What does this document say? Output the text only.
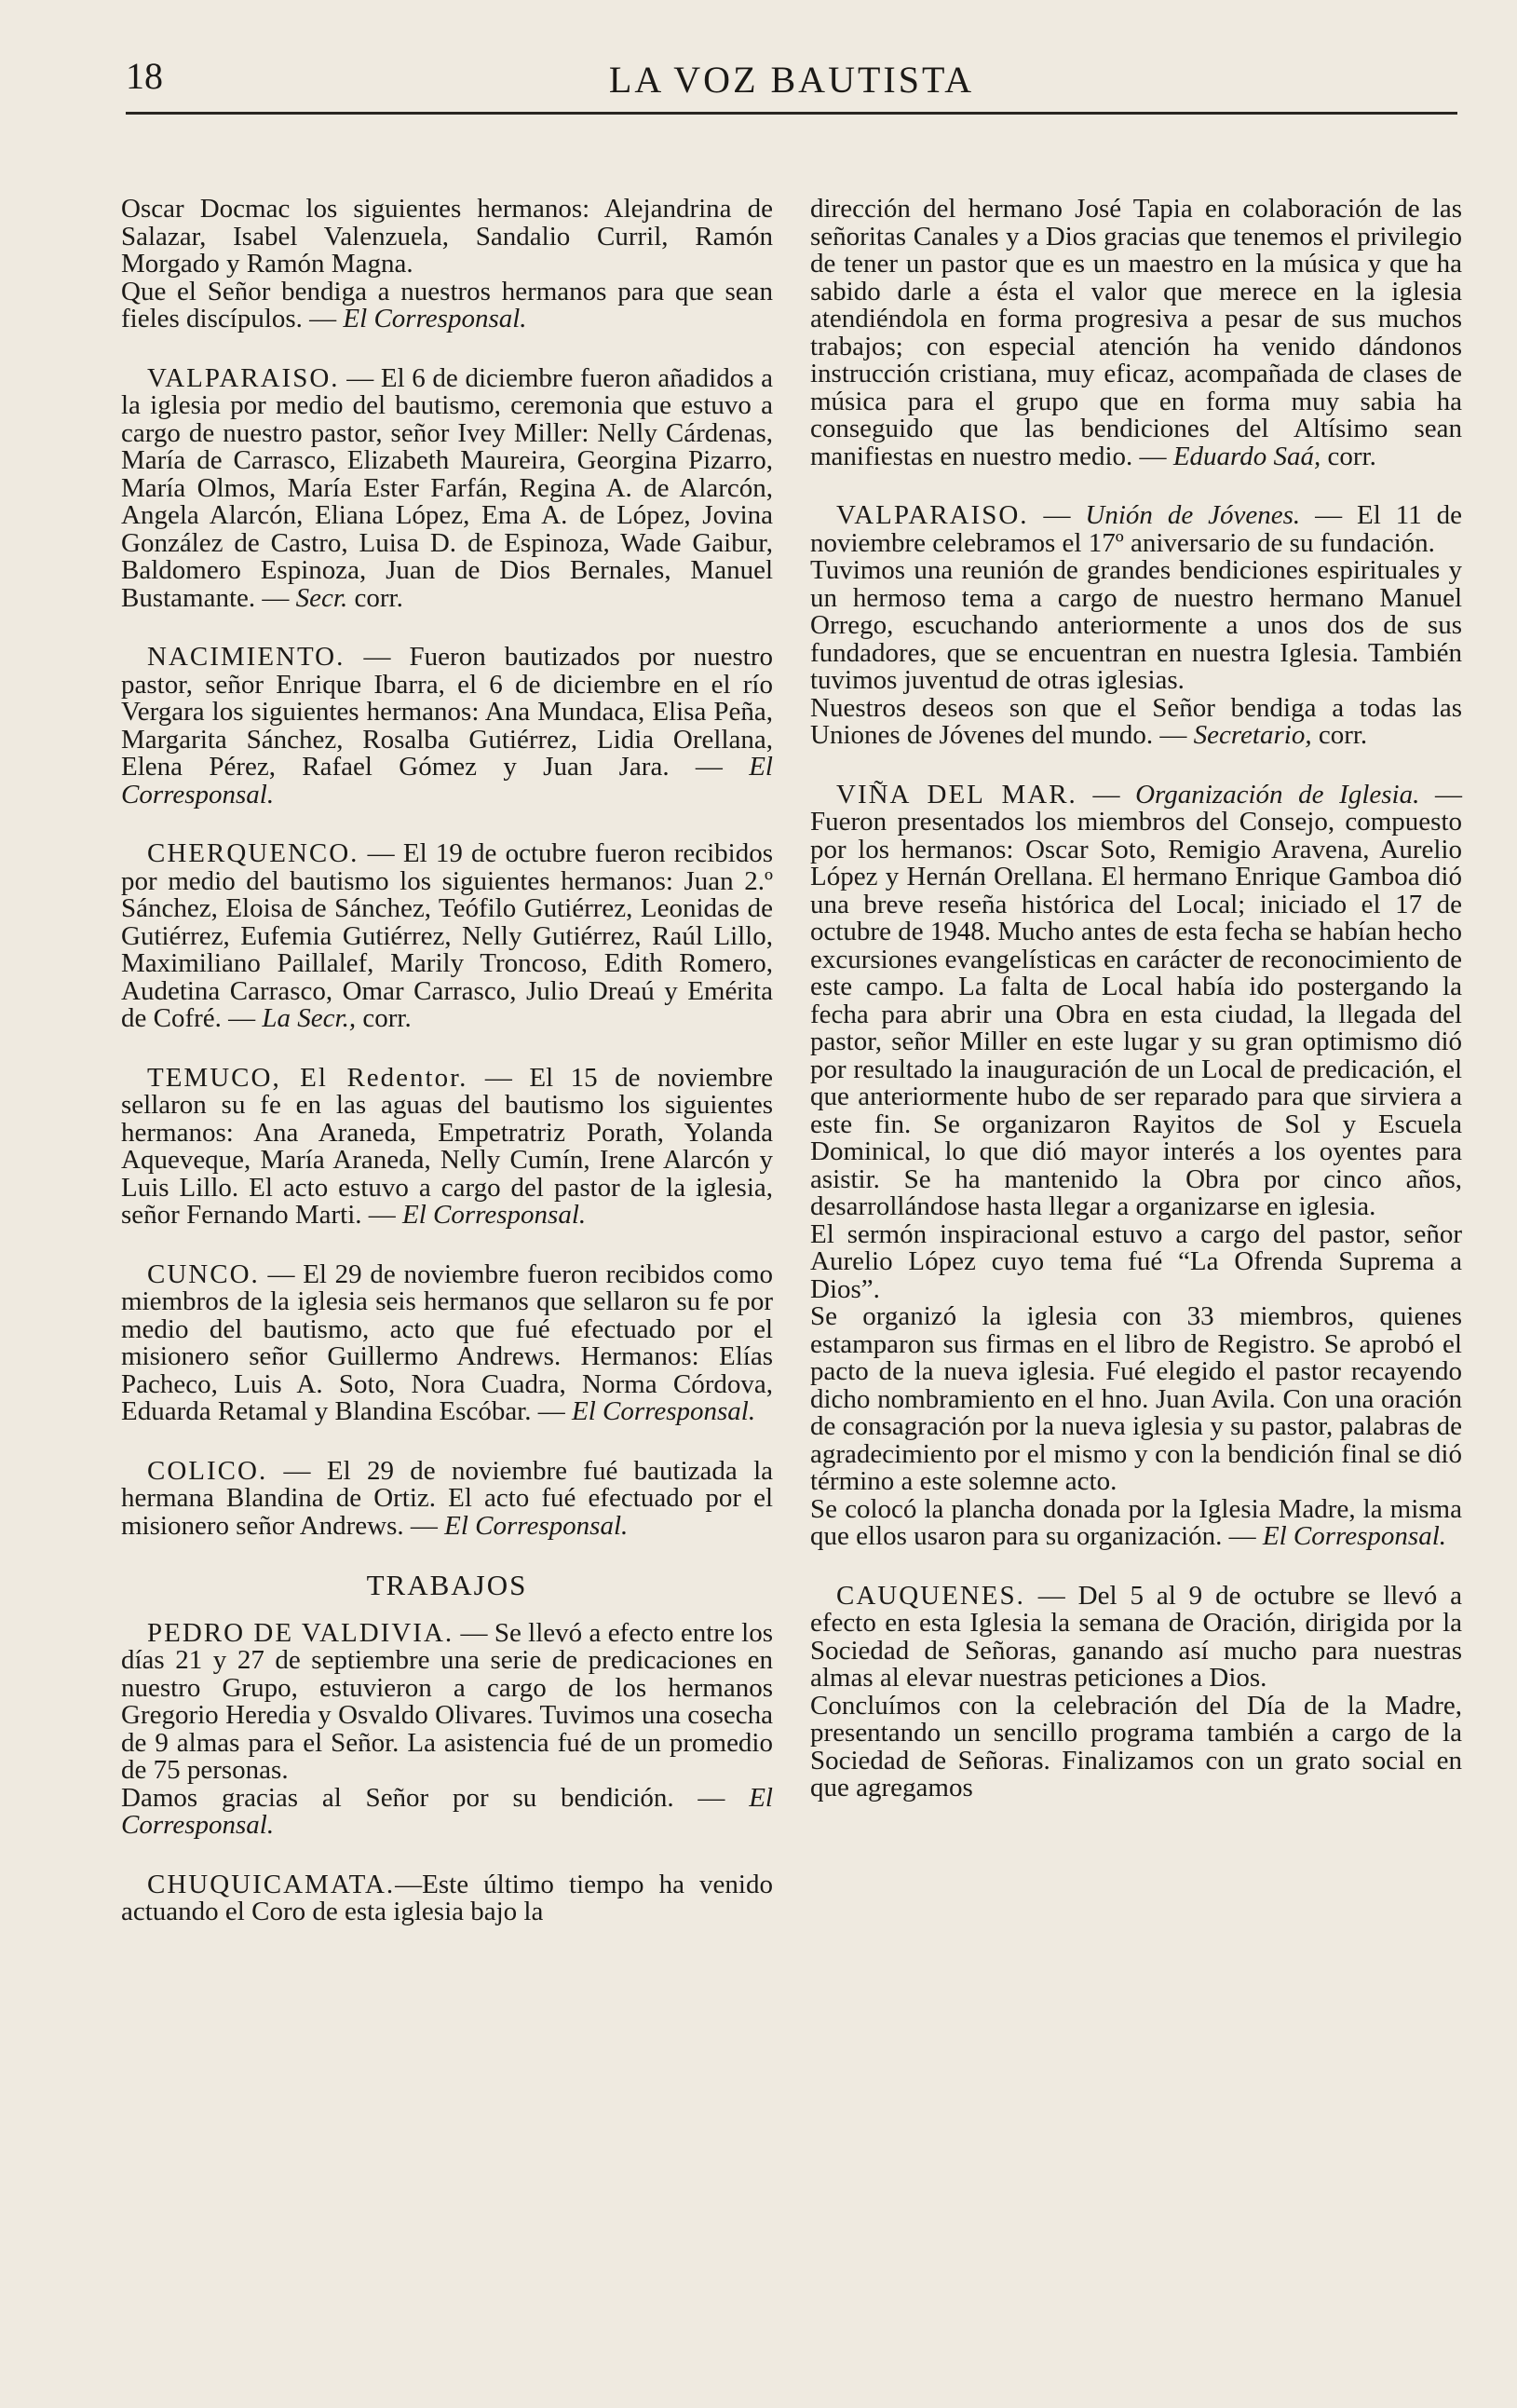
18	LA VOZ BAUTISTA

Oscar Docmac los siguientes hermanos: Alejandrina de Salazar, Isabel Valenzuela, Sandalio Curril, Ramón Morgado y Ramón Magna.

Que el Señor bendiga a nuestros hermanos para que sean fieles discípulos. — El Corresponsal.

VALPARAISO. — El 6 de diciembre fueron añadidos a la iglesia por medio del bautismo, ceremonia que estuvo a cargo de nuestro pastor, señor Ivey Miller: Nelly Cárdenas, María de Carrasco, Elizabeth Maureira, Georgina Pizarro, María Olmos, María Ester Farfán, Regina A. de Alarcón, Angela Alarcón, Eliana López, Ema A. de López, Jovina González de Castro, Luisa D. de Espinoza, Wade Gaibur, Baldomero Espinoza, Juan de Dios Bernales, Manuel Bustamante. — Secr. corr.

NACIMIENTO. — Fueron bautizados por nuestro pastor, señor Enrique Ibarra, el 6 de diciembre en el río Vergara los siguientes hermanos: Ana Mundaca, Elisa Peña, Margarita Sánchez, Rosalba Gutiérrez, Lidia Orellana, Elena Pérez, Rafael Gómez y Juan Jara. — El Corresponsal.

CHERQUENCO. — El 19 de octubre fueron recibidos por medio del bautismo los siguientes hermanos: Juan 2.º Sánchez, Eloisa de Sánchez, Teófilo Gutiérrez, Leonidas de Gutiérrez, Eufemia Gutiérrez, Nelly Gutiérrez, Raúl Lillo, Maximiliano Paillalef, Marily Troncoso, Edith Romero, Audetina Carrasco, Omar Carrasco, Julio Dreaú y Emérita de Cofré. — La Secr., corr.

TEMUCO, El Redentor. — El 15 de noviembre sellaron su fe en las aguas del bautismo los siguientes hermanos: Ana Araneda, Empetratriz Porath, Yolanda Aqueveque, María Araneda, Nelly Cumín, Irene Alarcón y Luis Lillo. El acto estuvo a cargo del pastor de la iglesia, señor Fernando Marti. — El Corresponsal.

CUNCO. — El 29 de noviembre fueron recibidos como miembros de la iglesia seis hermanos que sellaron su fe por medio del bautismo, acto que fué efectuado por el misionero señor Guillermo Andrews. Hermanos: Elías Pacheco, Luis A. Soto, Nora Cuadra, Norma Córdova, Eduarda Retamal y Blandina Escóbar. — El Corresponsal.

COLICO. — El 29 de noviembre fué bautizada la hermana Blandina de Ortiz. El acto fué efectuado por el misionero señor Andrews. — El Corresponsal.

TRABAJOS

PEDRO DE VALDIVIA. — Se llevó a efecto entre los días 21 y 27 de septiembre una serie de predicaciones en nuestro Grupo, estuvieron a cargo de los hermanos Gregorio Heredia y Osvaldo Olivares. Tuvimos una cosecha de 9 almas para el Señor. La asistencia fué de un promedio de 75 personas.

Damos gracias al Señor por su bendición. — El Corresponsal.

CHUQUICAMATA.—Este último tiempo ha venido actuando el Coro de esta iglesia bajo la

dirección del hermano José Tapia en colaboración de las señoritas Canales y a Dios gracias que tenemos el privilegio de tener un pastor que es un maestro en la música y que ha sabido darle a ésta el valor que merece en la iglesia atendiéndola en forma progresiva a pesar de sus muchos trabajos; con especial atención ha venido dándonos instrucción cristiana, muy eficaz, acompañada de clases de música para el grupo que en forma muy sabia ha conseguido que las bendiciones del Altísimo sean manifiestas en nuestro medio. — Eduardo Saá, corr.

VALPARAISO. — Unión de Jóvenes. — El 11 de noviembre celebramos el 17º aniversario de su fundación.

Tuvimos una reunión de grandes bendiciones espirituales y un hermoso tema a cargo de nuestro hermano Manuel Orrego, escuchando anteriormente a unos dos de sus fundadores, que se encuentran en nuestra Iglesia. También tuvimos juventud de otras iglesias.

Nuestros deseos son que el Señor bendiga a todas las Uniones de Jóvenes del mundo. — Secretario, corr.

VIÑA DEL MAR. — Organización de Iglesia. — Fueron presentados los miembros del Consejo, compuesto por los hermanos: Oscar Soto, Remigio Aravena, Aurelio López y Hernán Orellana. El hermano Enrique Gamboa dió una breve reseña histórica del Local; iniciado el 17 de octubre de 1948. Mucho antes de esta fecha se habían hecho excursiones evangelísticas en carácter de reconocimiento de este campo. La falta de Local había ido postergando la fecha para abrir una Obra en esta ciudad, la llegada del pastor, señor Miller en este lugar y su gran optimismo dió por resultado la inauguración de un Local de predicación, el que anteriormente hubo de ser reparado para que sirviera a este fin. Se organizaron Rayitos de Sol y Escuela Dominical, lo que dió mayor interés a los oyentes para asistir. Se ha mantenido la Obra por cinco años, desarrollándose hasta llegar a organizarse en iglesia.

El sermón inspiracional estuvo a cargo del pastor, señor Aurelio López cuyo tema fué “La Ofrenda Suprema a Dios”.

Se organizó la iglesia con 33 miembros, quienes estamparon sus firmas en el libro de Registro. Se aprobó el pacto de la nueva iglesia. Fué elegido el pastor recayendo dicho nombramiento en el hno. Juan Avila. Con una oración de consagración por la nueva iglesia y su pastor, palabras de agradecimiento por el mismo y con la bendición final se dió término a este solemne acto.

Se colocó la plancha donada por la Iglesia Madre, la misma que ellos usaron para su organización. — El Corresponsal.

CAUQUENES. — Del 5 al 9 de octubre se llevó a efecto en esta Iglesia la semana de Oración, dirigida por la Sociedad de Señoras, ganando así mucho para nuestras almas al elevar nuestras peticiones a Dios.

Concluímos con la celebración del Día de la Madre, presentando un sencillo programa también a cargo de la Sociedad de Señoras. Finalizamos con un grato social en que agregamos
